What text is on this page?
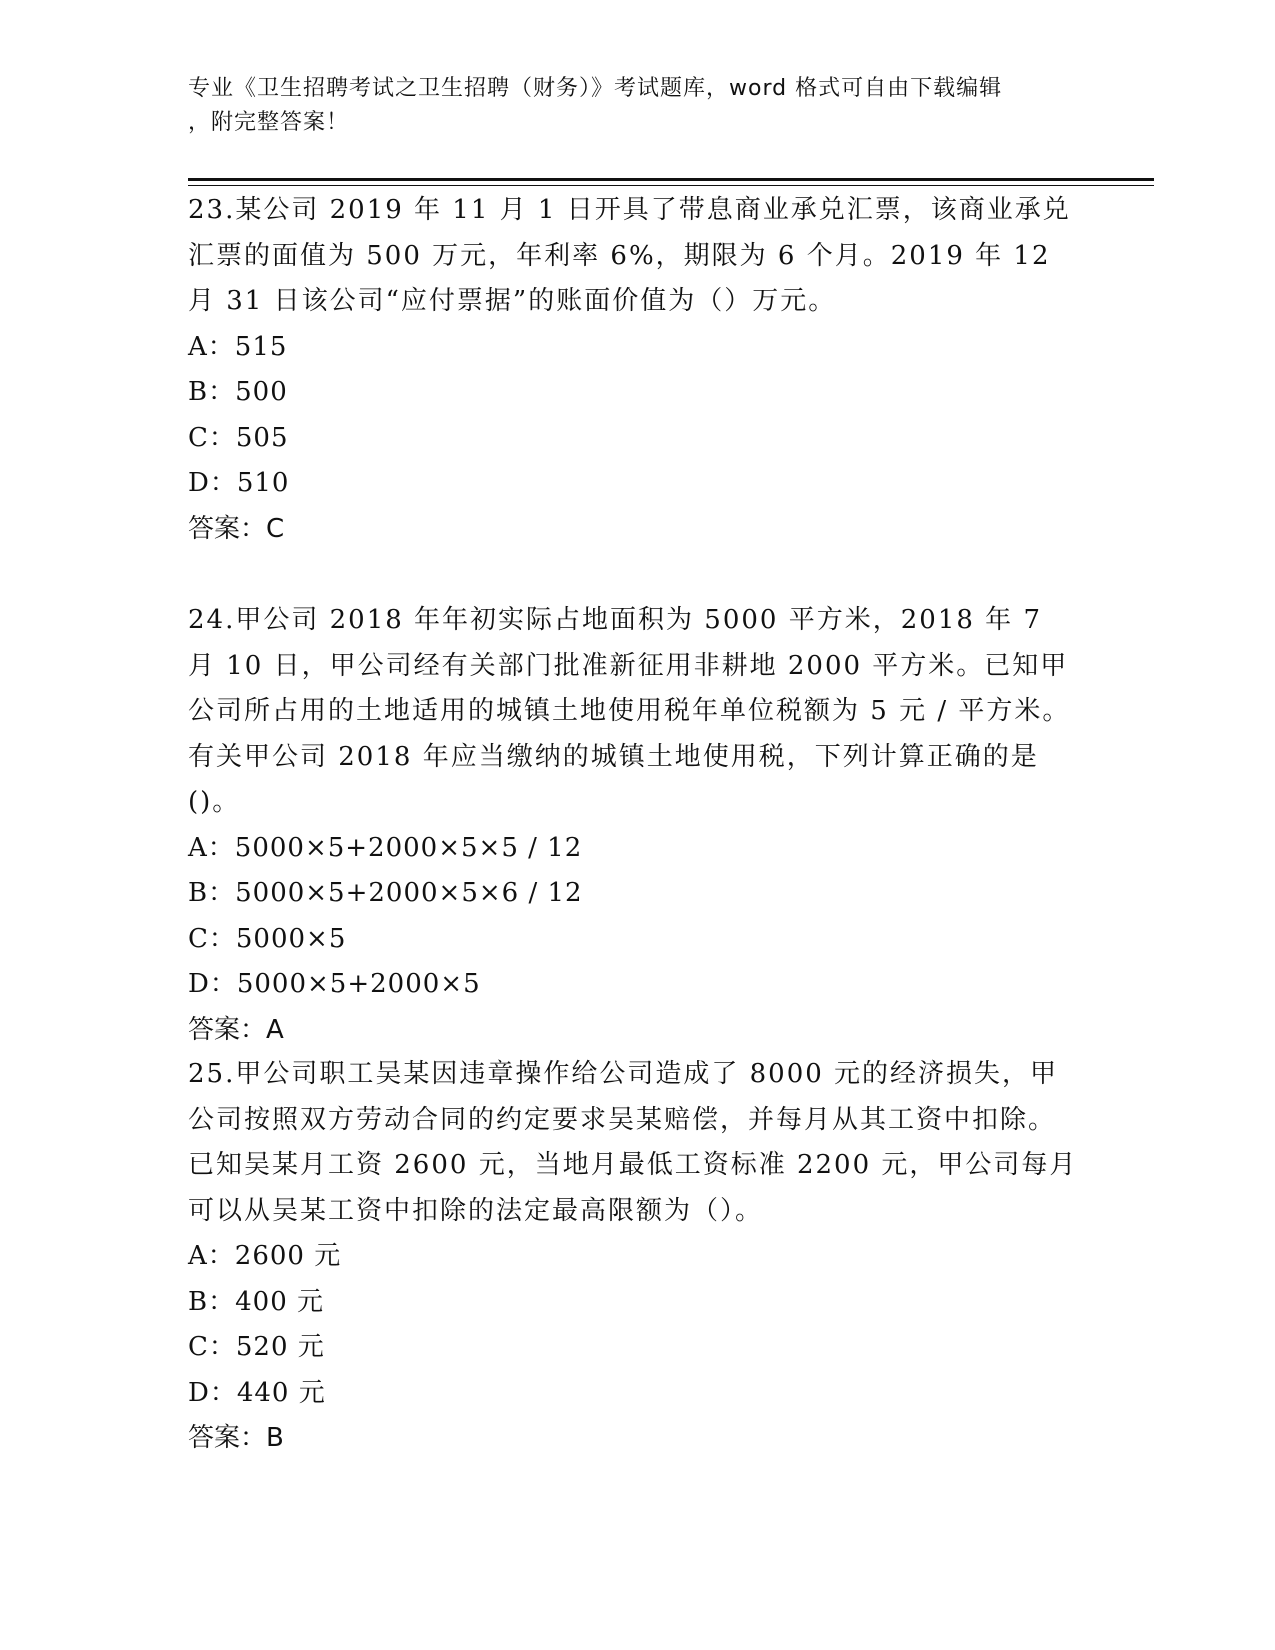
专业《卫生招聘考试之卫生招聘（财务）》考试题库，word 格式可自由下载编辑
，附完整答案！

23.某公司 2019 年 11 月 1 日开具了带息商业承兑汇票，该商业承兑汇票的面值为 500 万元，年利率 6%，期限为 6 个月。2019 年 12 月 31 日该公司“应付票据”的账面价值为（）万元。

A：515

B：500

C：505

D：510

答案：C

24.甲公司 2018 年年初实际占地面积为 5000 平方米，2018 年 7 月 10 日，甲公司经有关部门批准新征用非耕地 2000 平方米。已知甲公司所占用的土地适用的城镇土地使用税年单位税额为 5 元 / 平方米。有关甲公司 2018 年应当缴纳的城镇土地使用税，下列计算正确的是()。

A：5000×5+2000×5×5 / 12

B：5000×5+2000×5×6 / 12

C：5000×5

D：5000×5+2000×5

答案：A

25.甲公司职工吴某因违章操作给公司造成了 8000 元的经济损失，甲公司按照双方劳动合同的约定要求吴某赔偿，并每月从其工资中扣除。已知吴某月工资 2600 元，当地月最低工资标准 2200 元，甲公司每月可以从吴某工资中扣除的法定最高限额为（）。

A：2600 元

B：400 元

C：520 元

D：440 元

答案：B
